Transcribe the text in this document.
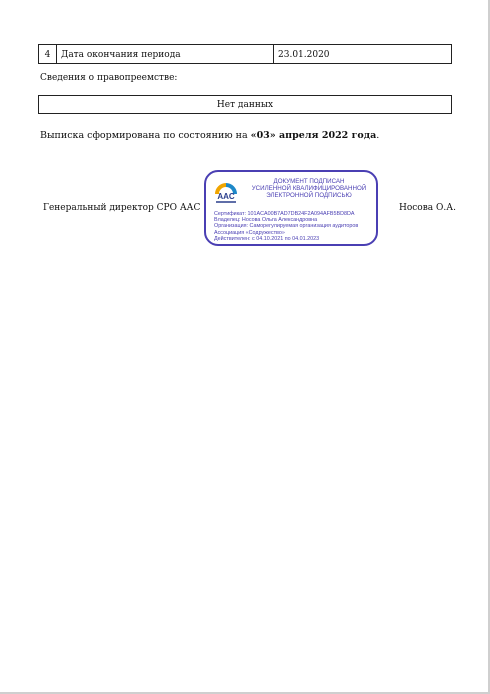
4	Дата окончания периода	23.01.2020
Сведения о правопреемстве:
Нет данных
Выписка сформирована по состоянию на «03» апреля 2022 года.
Генеральный директор СРО ААС	Носова О.А.
AAC
ДОКУМЕНТ ПОДПИСАН
УСИЛЕННОЙ КВАЛИФИЦИРОВАННОЙ
ЭЛЕКТРОННОЙ ПОДПИСЬЮ
Сертификат: 101ACA00B7AD7DB24F2A094AFB5BD8DA
Владелец: Носова Ольга Александровна
Организация: Саморегулируемая организация аудиторов
Ассоциация «Содружество»
Действителен: с 04.10.2021 по 04.01.2023
